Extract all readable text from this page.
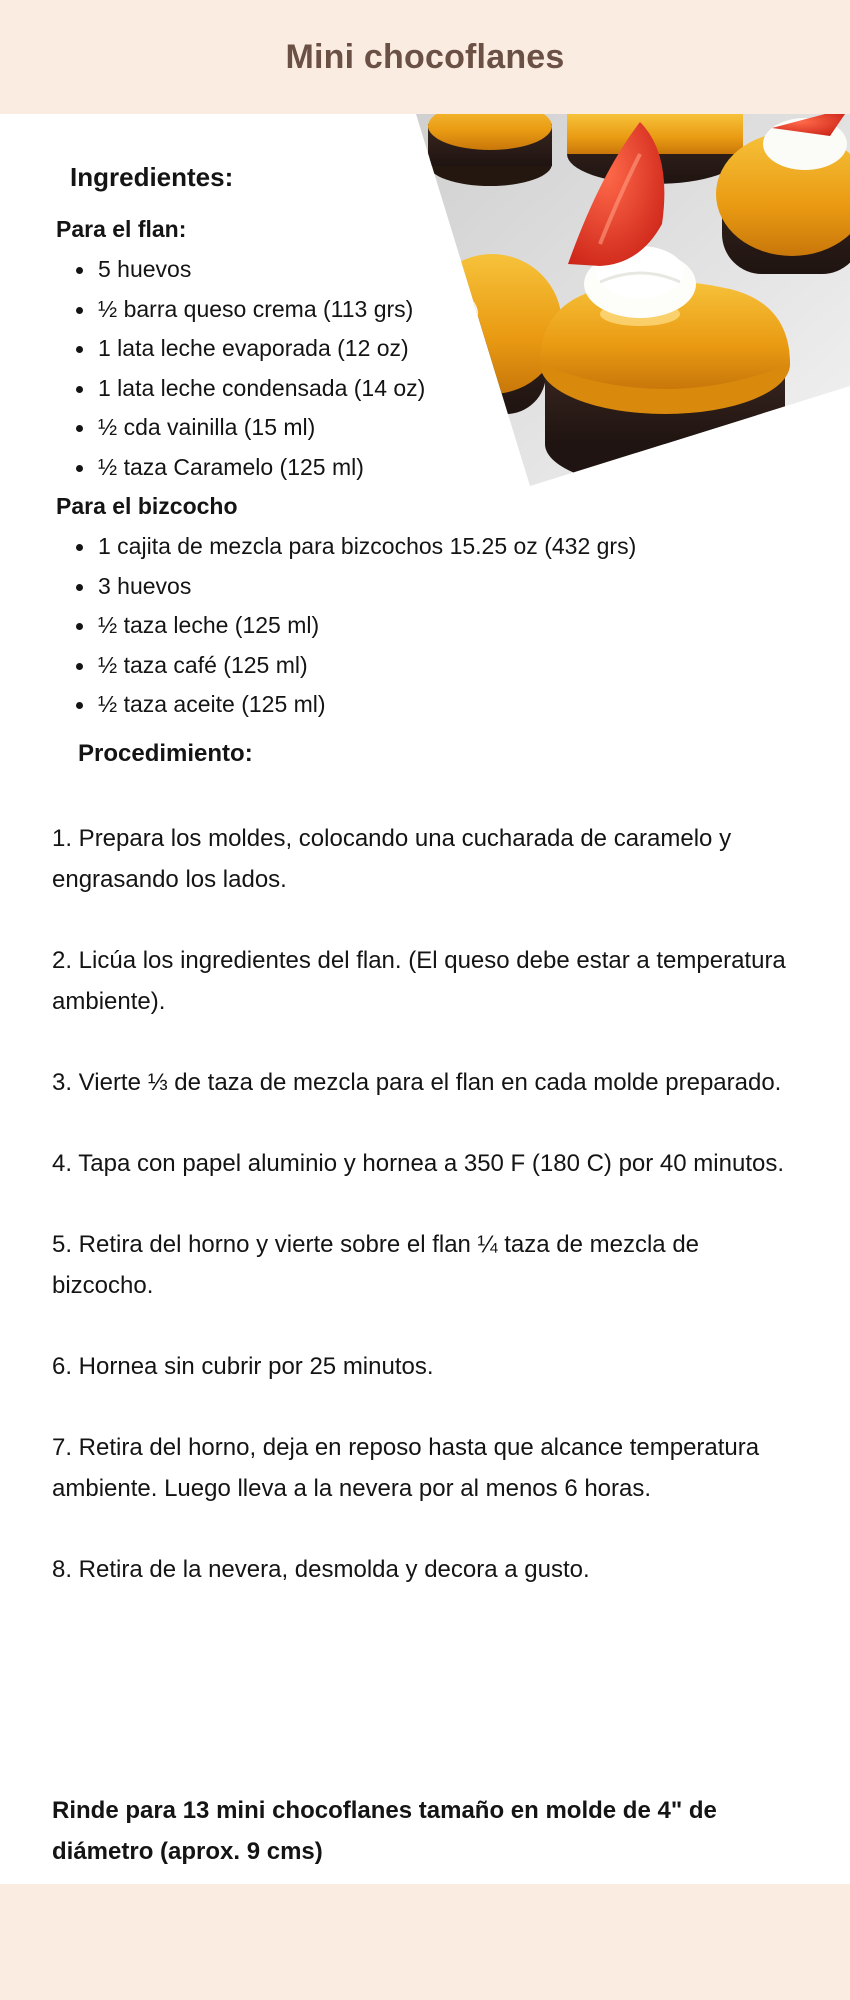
Mini chocoflanes
Ingredientes:
Para el flan:
5 huevos
½ barra queso crema (113 grs)
1 lata leche evaporada (12 oz)
1 lata leche condensada (14 oz)
½ cda vainilla (15 ml)
½ taza Caramelo (125 ml)
Para el bizcocho
1 cajita de mezcla para bizcochos 15.25 oz (432 grs)
3 huevos
½ taza leche (125 ml)
½ taza café (125 ml)
½ taza aceite (125 ml)
Procedimiento:

1. Prepara los moldes, colocando una cucharada de caramelo y engrasando los lados.

2. Licúa los ingredientes del flan. (El queso debe estar a temperatura ambiente).

3. Vierte ⅓ de taza de mezcla para el flan en cada molde preparado.

4. Tapa con papel aluminio y hornea a 350 F (180 C) por 40 minutos.

5. Retira del horno y vierte sobre el flan ¼ taza de mezcla de bizcocho.

6. Hornea sin cubrir por 25 minutos.

7. Retira del horno, deja en reposo hasta que alcance temperatura ambiente. Luego lleva a la nevera por al menos 6 horas.

8. Retira de la nevera, desmolda y decora a gusto.

Rinde para 13 mini chocoflanes tamaño en molde de 4" de diámetro (aprox. 9 cms)
